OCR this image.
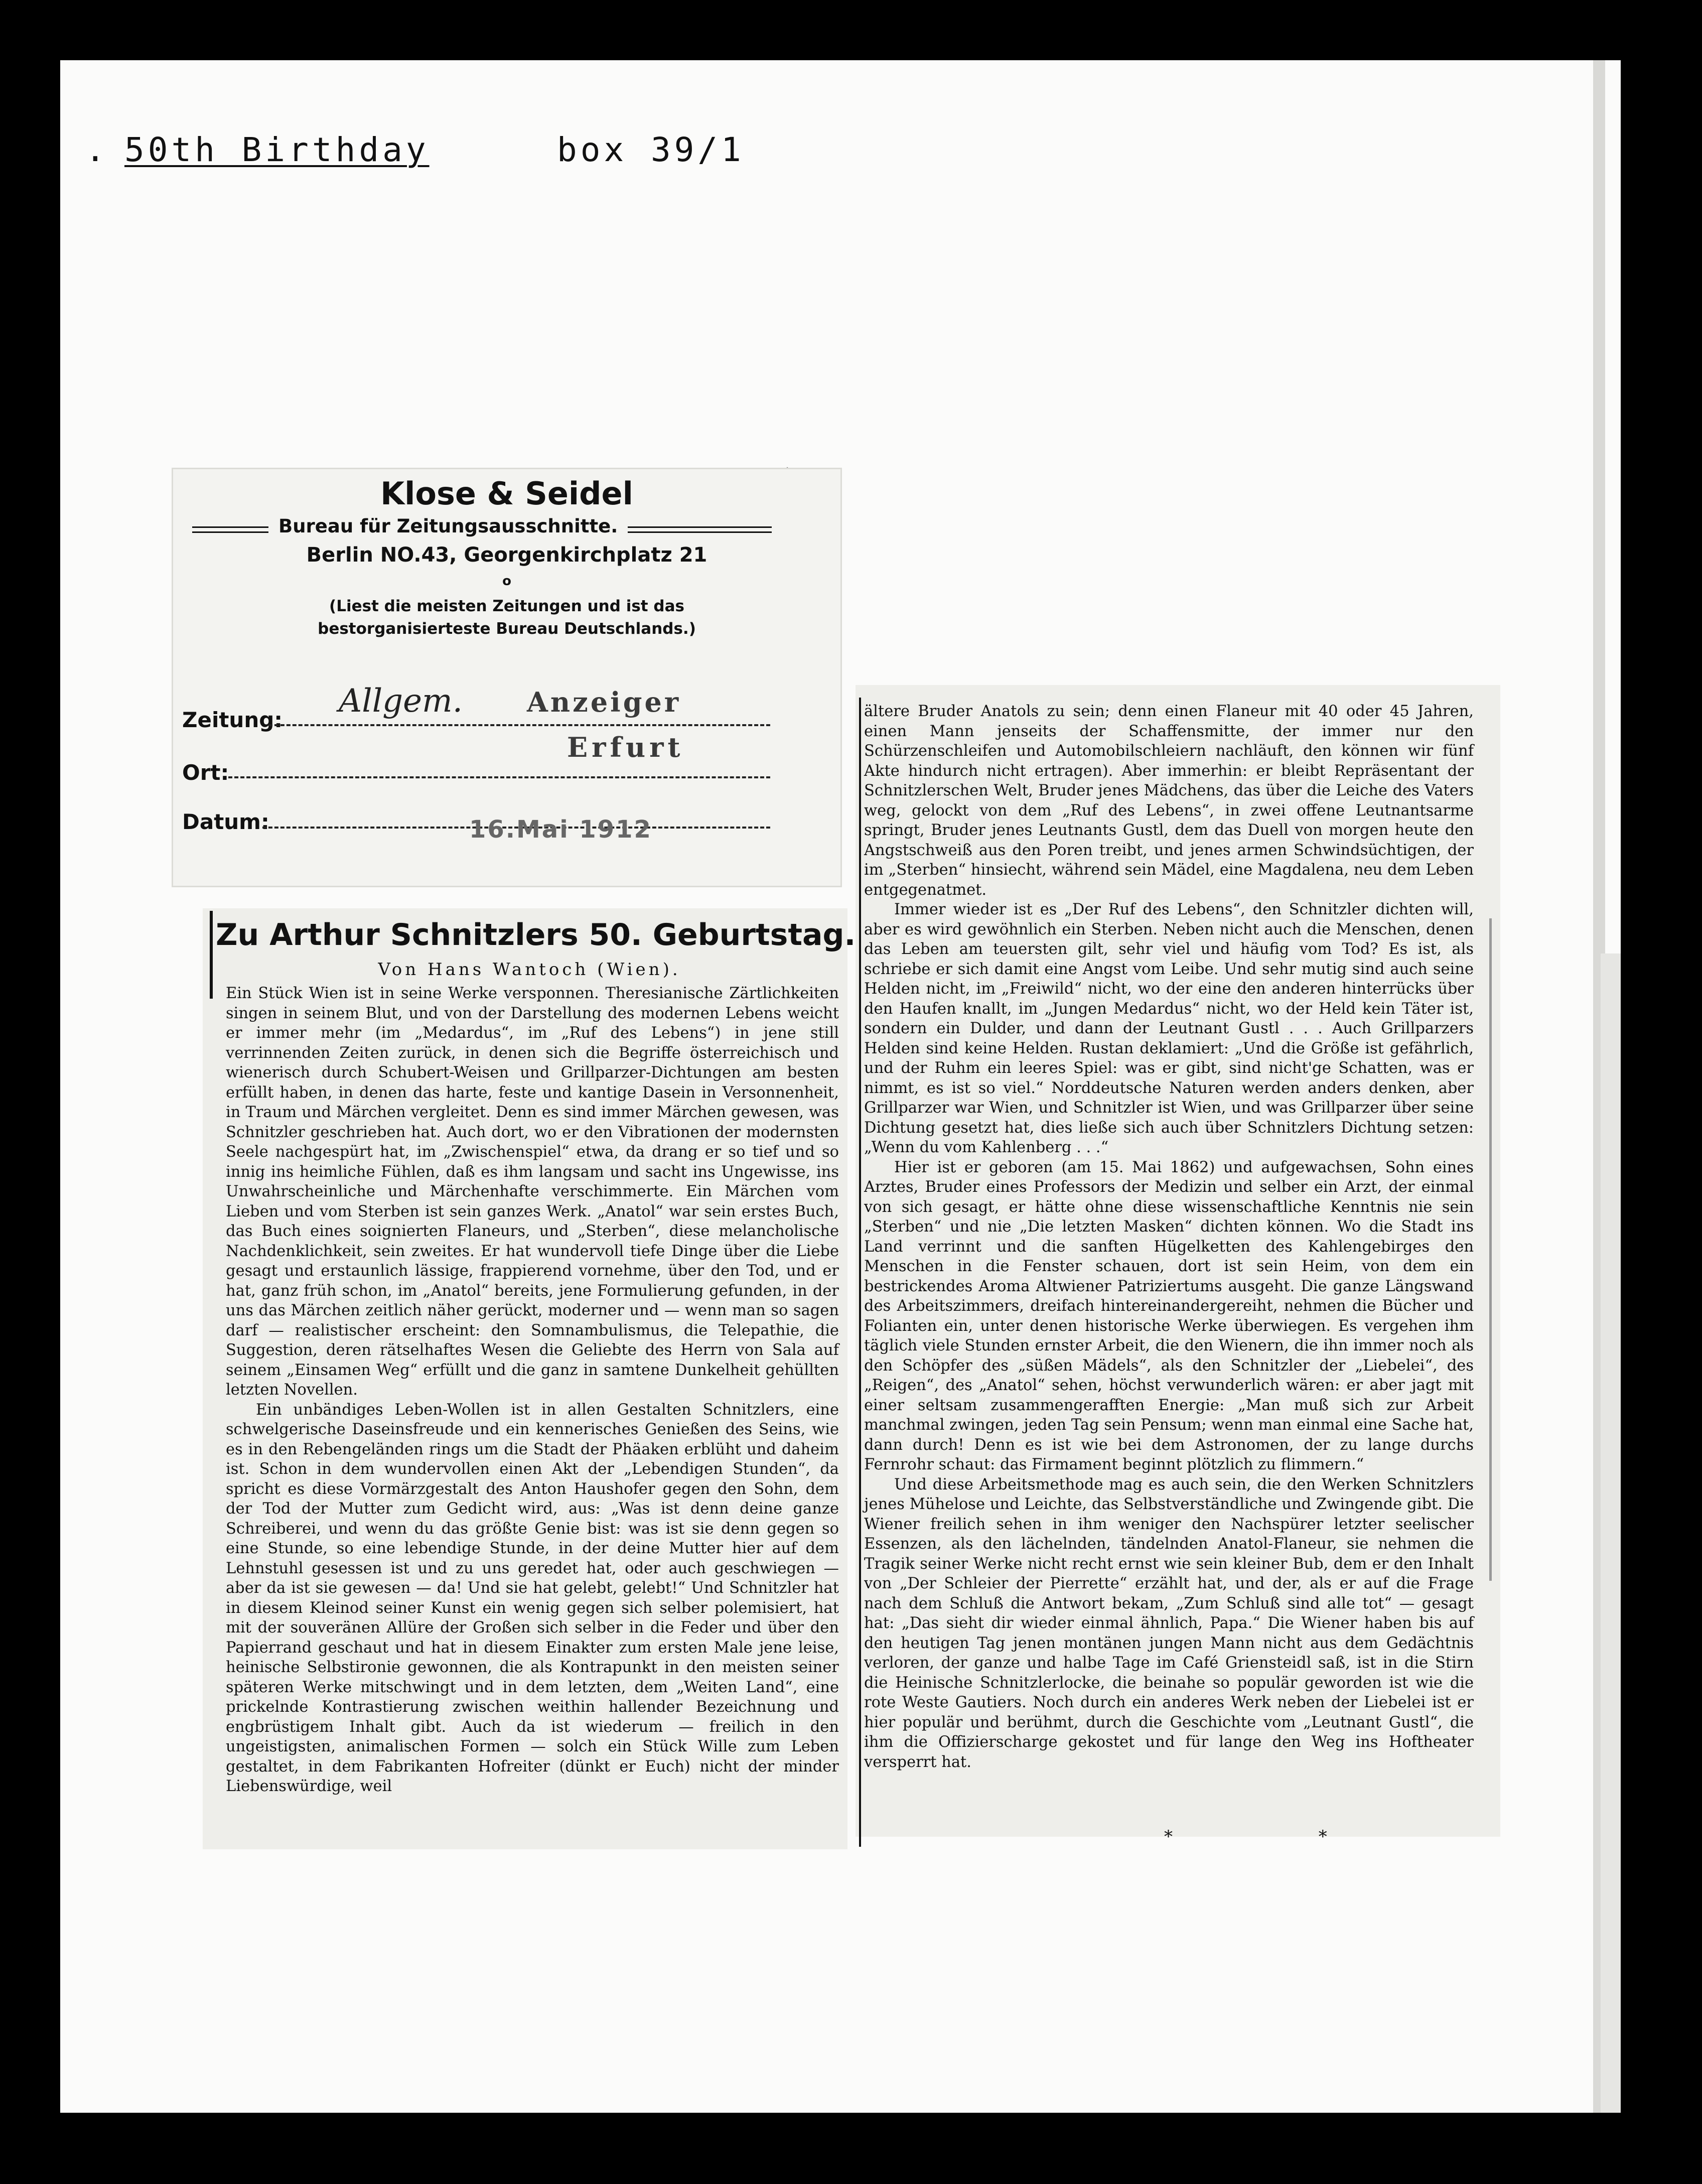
. 50th Birthday	box 39/1
Klose & Seidel
Bureau für Zeitungsausschnitte.
Berlin NO.43, Georgenkirchplatz 21
o
(Liest die meisten Zeitungen und ist das
bestorganisierteste Bureau Deutschlands.)
Zeitung:
Allgem. Anzeiger
Ort:
Erfurt
Datum:	16.Mai 1912
Zu Arthur Schnitzlers 50. Geburtstag.
Von Hans Wantoch (Wien).

Ein Stück Wien ist in seine Werke versponnen. Theresianische Zärtlichkeiten singen in seinem Blut, und von der Darstellung des modernen Lebens weicht er immer mehr (im „Medardus“, im „Ruf des Lebens“) in jene still verrinnenden Zeiten zurück, in denen sich die Begriffe österreichisch und wienerisch durch Schubert-Weisen und Grillparzer-Dichtungen am besten erfüllt haben, in denen das harte, feste und kantige Dasein in Versonnenheit, in Traum und Märchen vergleitet. Denn es sind immer Märchen gewesen, was Schnitzler geschrieben hat. Auch dort, wo er den Vibrationen der modernsten Seele nachgespürt hat, im „Zwischenspiel“ etwa, da drang er so tief und so innig ins heimliche Fühlen, daß es ihm langsam und sacht ins Ungewisse, ins Unwahrscheinliche und Märchenhafte verschimmerte. Ein Märchen vom Lieben und vom Sterben ist sein ganzes Werk. „Anatol“ war sein erstes Buch, das Buch eines soignierten Flaneurs, und „Sterben“, diese melancholische Nachdenklichkeit, sein zweites. Er hat wundervoll tiefe Dinge über die Liebe gesagt und erstaunlich lässige, frappierend vornehme, über den Tod, und er hat, ganz früh schon, im „Anatol“ bereits, jene Formulierung gefunden, in der uns das Märchen zeitlich näher gerückt, moderner und — wenn man so sagen darf — realistischer erscheint: den Somnambulismus, die Telepathie, die Suggestion, deren rätselhaftes Wesen die Geliebte des Herrn von Sala auf seinem „Einsamen Weg“ erfüllt und die ganz in samtene Dunkelheit gehüllten letzten Novellen.

Ein unbändiges Leben-Wollen ist in allen Gestalten Schnitzlers, eine schwelgerische Daseinsfreude und ein kennerisches Genießen des Seins, wie es in den Rebengeländen rings um die Stadt der Phäaken erblüht und daheim ist. Schon in dem wundervollen einen Akt der „Lebendigen Stunden“, da spricht es diese Vormärzgestalt des Anton Haushofer gegen den Sohn, dem der Tod der Mutter zum Gedicht wird, aus: „Was ist denn deine ganze Schreiberei, und wenn du das größte Genie bist: was ist sie denn gegen so eine Stunde, so eine lebendige Stunde, in der deine Mutter hier auf dem Lehnstuhl gesessen ist und zu uns geredet hat, oder auch geschwiegen — aber da ist sie gewesen — da! Und sie hat gelebt, gelebt!“ Und Schnitzler hat in diesem Kleinod seiner Kunst ein wenig gegen sich selber polemisiert, hat mit der souveränen Allüre der Großen sich selber in die Feder und über den Papierrand geschaut und hat in diesem Einakter zum ersten Male jene leise, heinische Selbstironie gewonnen, die als Kontrapunkt in den meisten seiner späteren Werke mitschwingt und in dem letzten, dem „Weiten Land“, eine prickelnde Kontrastierung zwischen weithin hallender Bezeichnung und engbrüstigem Inhalt gibt. Auch da ist wiederum — freilich in den ungeistigsten, animalischen Formen — solch ein Stück Wille zum Leben gestaltet, in dem Fabrikanten Hofreiter (dünkt er Euch) nicht der minder Liebenswürdige, weil

ältere Bruder Anatols zu sein; denn einen Flaneur mit 40 oder 45 Jahren, einen Mann jenseits der Schaffensmitte, der immer nur den Schürzenschleifen und Automobilschleiern nachläuft, den können wir fünf Akte hindurch nicht ertragen). Aber immerhin: er bleibt Repräsentant der Schnitzlerschen Welt, Bruder jenes Mädchens, das über die Leiche des Vaters weg, gelockt von dem „Ruf des Lebens“, in zwei offene Leutnantsarme springt, Bruder jenes Leutnants Gustl, dem das Duell von morgen heute den Angstschweiß aus den Poren treibt, und jenes armen Schwindsüchtigen, der im „Sterben“ hinsiecht, während sein Mädel, eine Magdalena, neu dem Leben entgegenatmet.

Immer wieder ist es „Der Ruf des Lebens“, den Schnitzler dichten will, aber es wird gewöhnlich ein Sterben. Neben nicht auch die Menschen, denen das Leben am teuersten gilt, sehr viel und häufig vom Tod? Es ist, als schriebe er sich damit eine Angst vom Leibe. Und sehr mutig sind auch seine Helden nicht, im „Freiwild“ nicht, wo der eine den anderen hinterrücks über den Haufen knallt, im „Jungen Medardus“ nicht, wo der Held kein Täter ist, sondern ein Dulder, und dann der Leutnant Gustl . . . Auch Grillparzers Helden sind keine Helden. Rustan deklamiert: „Und die Größe ist gefährlich, und der Ruhm ein leeres Spiel: was er gibt, sind nicht'ge Schatten, was er nimmt, es ist so viel.“ Norddeutsche Naturen werden anders denken, aber Grillparzer war Wien, und Schnitzler ist Wien, und was Grillparzer über seine Dichtung gesetzt hat, dies ließe sich auch über Schnitzlers Dichtung setzen: „Wenn du vom Kahlenberg . . .“

Hier ist er geboren (am 15. Mai 1862) und aufgewachsen, Sohn eines Arztes, Bruder eines Professors der Medizin und selber ein Arzt, der einmal von sich gesagt, er hätte ohne diese wissenschaftliche Kenntnis nie sein „Sterben“ und nie „Die letzten Masken“ dichten können. Wo die Stadt ins Land verrinnt und die sanften Hügelketten des Kahlengebirges den Menschen in die Fenster schauen, dort ist sein Heim, von dem ein bestrickendes Aroma Altwiener Patriziertums ausgeht. Die ganze Längswand des Arbeitszimmers, dreifach hintereinandergereiht, nehmen die Bücher und Folianten ein, unter denen historische Werke überwiegen. Es vergehen ihm täglich viele Stunden ernster Arbeit, die den Wienern, die ihn immer noch als den Schöpfer des „süßen Mädels“, als den Schnitzler der „Liebelei“, des „Reigen“, des „Anatol“ sehen, höchst verwunderlich wären: er aber jagt mit einer seltsam zusammengerafften Energie: „Man muß sich zur Arbeit manchmal zwingen, jeden Tag sein Pensum; wenn man einmal eine Sache hat, dann durch! Denn es ist wie bei dem Astronomen, der zu lange durchs Fernrohr schaut: das Firmament beginnt plötzlich zu flimmern.“

Und diese Arbeitsmethode mag es auch sein, die den Werken Schnitzlers jenes Mühelose und Leichte, das Selbstverständliche und Zwingende gibt. Die Wiener freilich sehen in ihm weniger den Nachspürer letzter seelischer Essenzen, als den lächelnden, tändelnden Anatol-Flaneur, sie nehmen die Tragik seiner Werke nicht recht ernst wie sein kleiner Bub, dem er den Inhalt von „Der Schleier der Pierrette“ erzählt hat, und der, als er auf die Frage nach dem Schluß die Antwort bekam, „Zum Schluß sind alle tot“ — gesagt hat: „Das sieht dir wieder einmal ähnlich, Papa.“ Die Wiener haben bis auf den heutigen Tag jenen montänen jungen Mann nicht aus dem Gedächtnis verloren, der ganze und halbe Tage im Café Griensteidl saß, ist in die Stirn die Heinische Schnitzlerlocke, die beinahe so populär geworden ist wie die rote Weste Gautiers. Noch durch ein anderes Werk neben der Liebelei ist er hier populär und berühmt, durch die Geschichte vom „Leutnant Gustl“, die ihm die Offizierscharge gekostet und für lange den Weg ins Hoftheater versperrt hat.

* *
